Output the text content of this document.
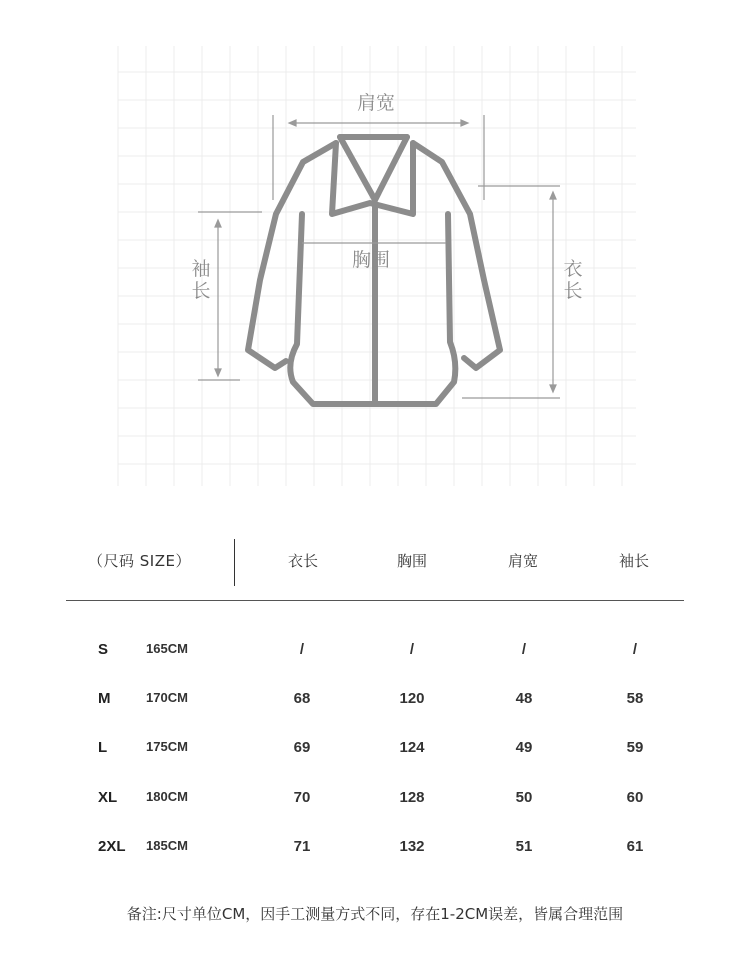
肩宽
胸围
袖长
衣长
（尺码 SIZE）	衣长	胸围	肩宽	袖长
S	165CM	/	/	/	/
M	170CM	68	120	48	58
L	175CM	69	124	49	59
XL 180CM	70	128	50	60
2XL 185CM	71	132	51	61
备注:尺寸单位CM，因手工测量方式不同，存在1-2CM误差，皆属合理范围
